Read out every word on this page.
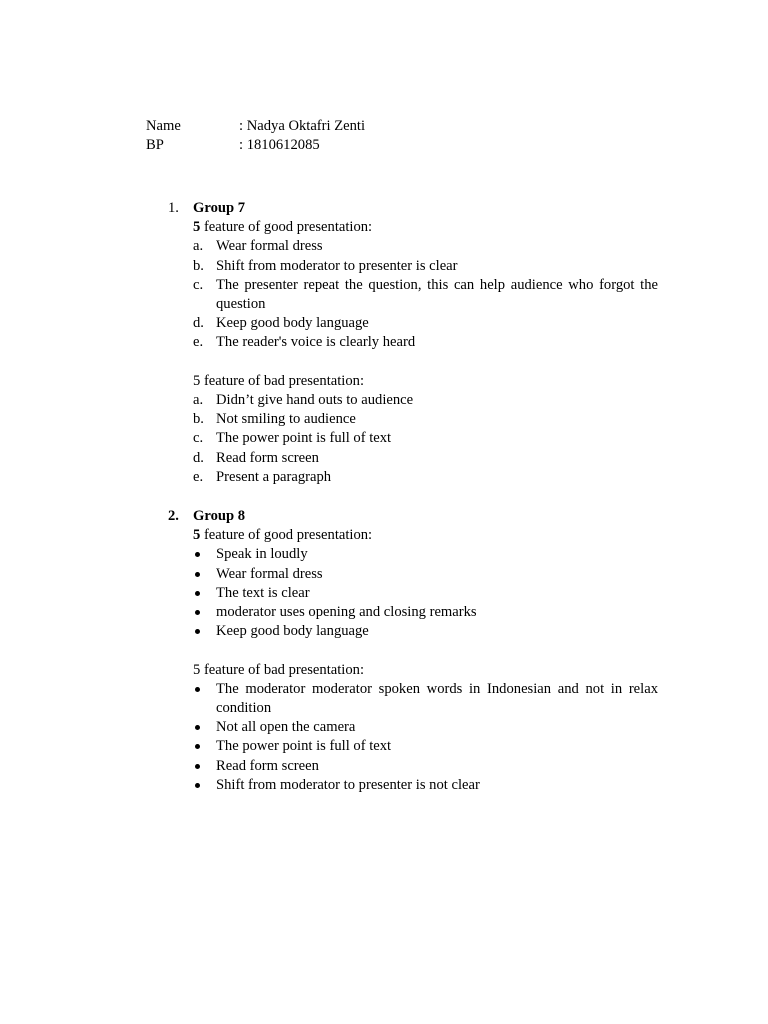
Name	: Nadya Oktafri Zenti
BP	: 1810612085
1. Group 7
5 feature of good presentation:
a. Wear formal dress
b. Shift from moderator to presenter is clear
c. The presenter repeat the question, this can help audience who forgot the question
d. Keep good body language
e. The reader's voice is clearly heard
5 feature of bad presentation:
a. Didn’t give hand outs to audience
b. Not smiling to audience
c. The power point is full of text
d. Read form screen
e. Present a paragraph
2. Group 8
5 feature of good presentation:
Speak in loudly
Wear formal dress
The text is clear
moderator uses opening and closing remarks
Keep good body language
5 feature of bad presentation:
The moderator moderator spoken words in Indonesian and not in relax condition
Not all open the camera
The power point is full of text
Read form screen
Shift from moderator to presenter is not clear
